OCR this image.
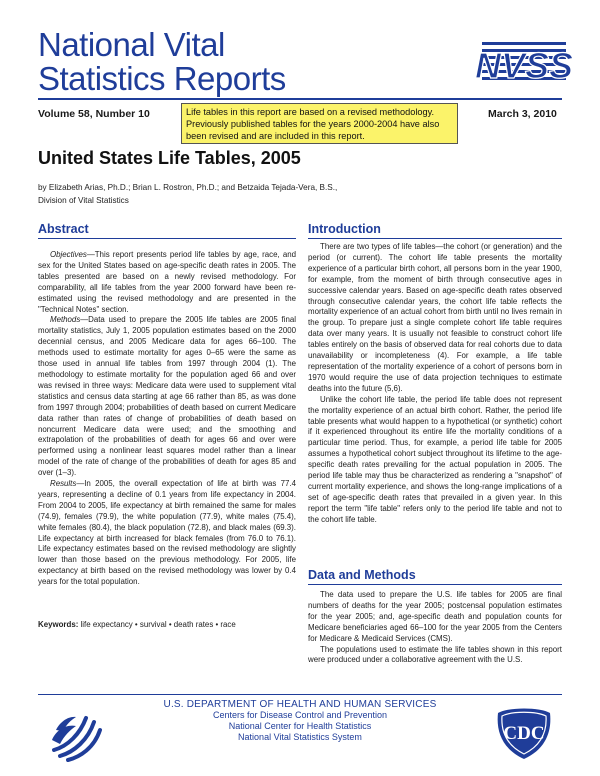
National Vital
Statistics Reports	NVSS
Volume 58, Number 10	Life tables in this report are based on a revised methodology. Previously published tables for the years 2000-2004 have also been revised and are included in this report.
March 3, 2010
United States Life Tables, 2005
by Elizabeth Arias, Ph.D.; Brian L. Rostron, Ph.D.; and Betzaida Tejada-Vera, B.S.,
Division of Vital Statistics
Abstract

Objectives—This report presents period life tables by age, race, and sex for the United States based on age-specific death rates in 2005. The tables presented are based on a newly revised methodology. For comparability, all life tables from the year 2000 forward have been re-estimated using the revised methodology and are presented in the "Technical Notes" section.

Methods—Data used to prepare the 2005 life tables are 2005 final mortality statistics, July 1, 2005 population estimates based on the 2000 decennial census, and 2005 Medicare data for ages 66–100. The methods used to estimate mortality for ages 0–65 were the same as those used in annual life tables from 1997 through 2004 (1). The methodology to estimate mortality for the population aged 66 and over was revised in three ways: Medicare data were used to supplement vital statistics and census data starting at age 66 rather than 85, as was done from 1997 through 2004; probabilities of death based on current Medicare data rather than rates of change of probabilities of death based on noncurrent Medicare data were used; and the smoothing and extrapolation of the probabilities of death for ages 66 and over were performed using a nonlinear least squares model rather than a linear model of the rate of change of the probabilities of death for ages 85 and over (1–3).

Results—In 2005, the overall expectation of life at birth was 77.4 years, representing a decline of 0.1 years from life expectancy in 2004. From 2004 to 2005, life expectancy at birth remained the same for males (74.9), females (79.9), the white population (77.9), white males (75.4), white females (80.4), the black population (72.8), and black males (69.3). Life expectancy at birth increased for black females (from 76.0 to 76.1). Life expectancy estimates based on the revised methodology are slightly lower than those based on the previous methodology. For 2005, life expectancy at birth based on the revised methodology was lower by 0.4 years for the total population.

Keywords: life expectancy • survival • death rates • race
Introduction

There are two types of life tables—the cohort (or generation) and the period (or current). The cohort life table presents the mortality experience of a particular birth cohort, all persons born in the year 1900, for example, from the moment of birth through consecutive ages in successive calendar years. Based on age-specific death rates observed through consecutive calendar years, the cohort life table reflects the mortality experience of an actual cohort from birth until no lives remain in the group. To prepare just a single complete cohort life table requires data over many years. It is usually not feasible to construct cohort life tables entirely on the basis of observed data for real cohorts due to data unavailability or incompleteness (4). For example, a life table representation of the mortality experience of a cohort of persons born in 1970 would require the use of data projection techniques to estimate deaths into the future (5,6).

Unlike the cohort life table, the period life table does not represent the mortality experience of an actual birth cohort. Rather, the period life table presents what would happen to a hypothetical (or synthetic) cohort if it experienced throughout its entire life the mortality conditions of a particular time period. Thus, for example, a period life table for 2005 assumes a hypothetical cohort subject throughout its lifetime to the age-specific death rates prevailing for the actual population in 2005. The period life table may thus be characterized as rendering a "snapshot" of current mortality experience, and shows the long-range implications of a set of age-specific death rates that prevailed in a given year. In this report the term "life table" refers only to the period life table and not to the cohort life table.

Data and Methods

The data used to prepare the U.S. life tables for 2005 are final numbers of deaths for the year 2005; postcensal population estimates for the year 2005; and, age-specific death and population counts for Medicare beneficiaries aged 66–100 for the year 2005 from the Centers for Medicare & Medicaid Services (CMS).

The populations used to estimate the life tables shown in this report were produced under a collaborative agreement with the U.S.

U.S. DEPARTMENT OF HEALTH AND HUMAN SERVICES
Centers for Disease Control and Prevention
National Center for Health Statistics
National Vital Statistics System	CDC
